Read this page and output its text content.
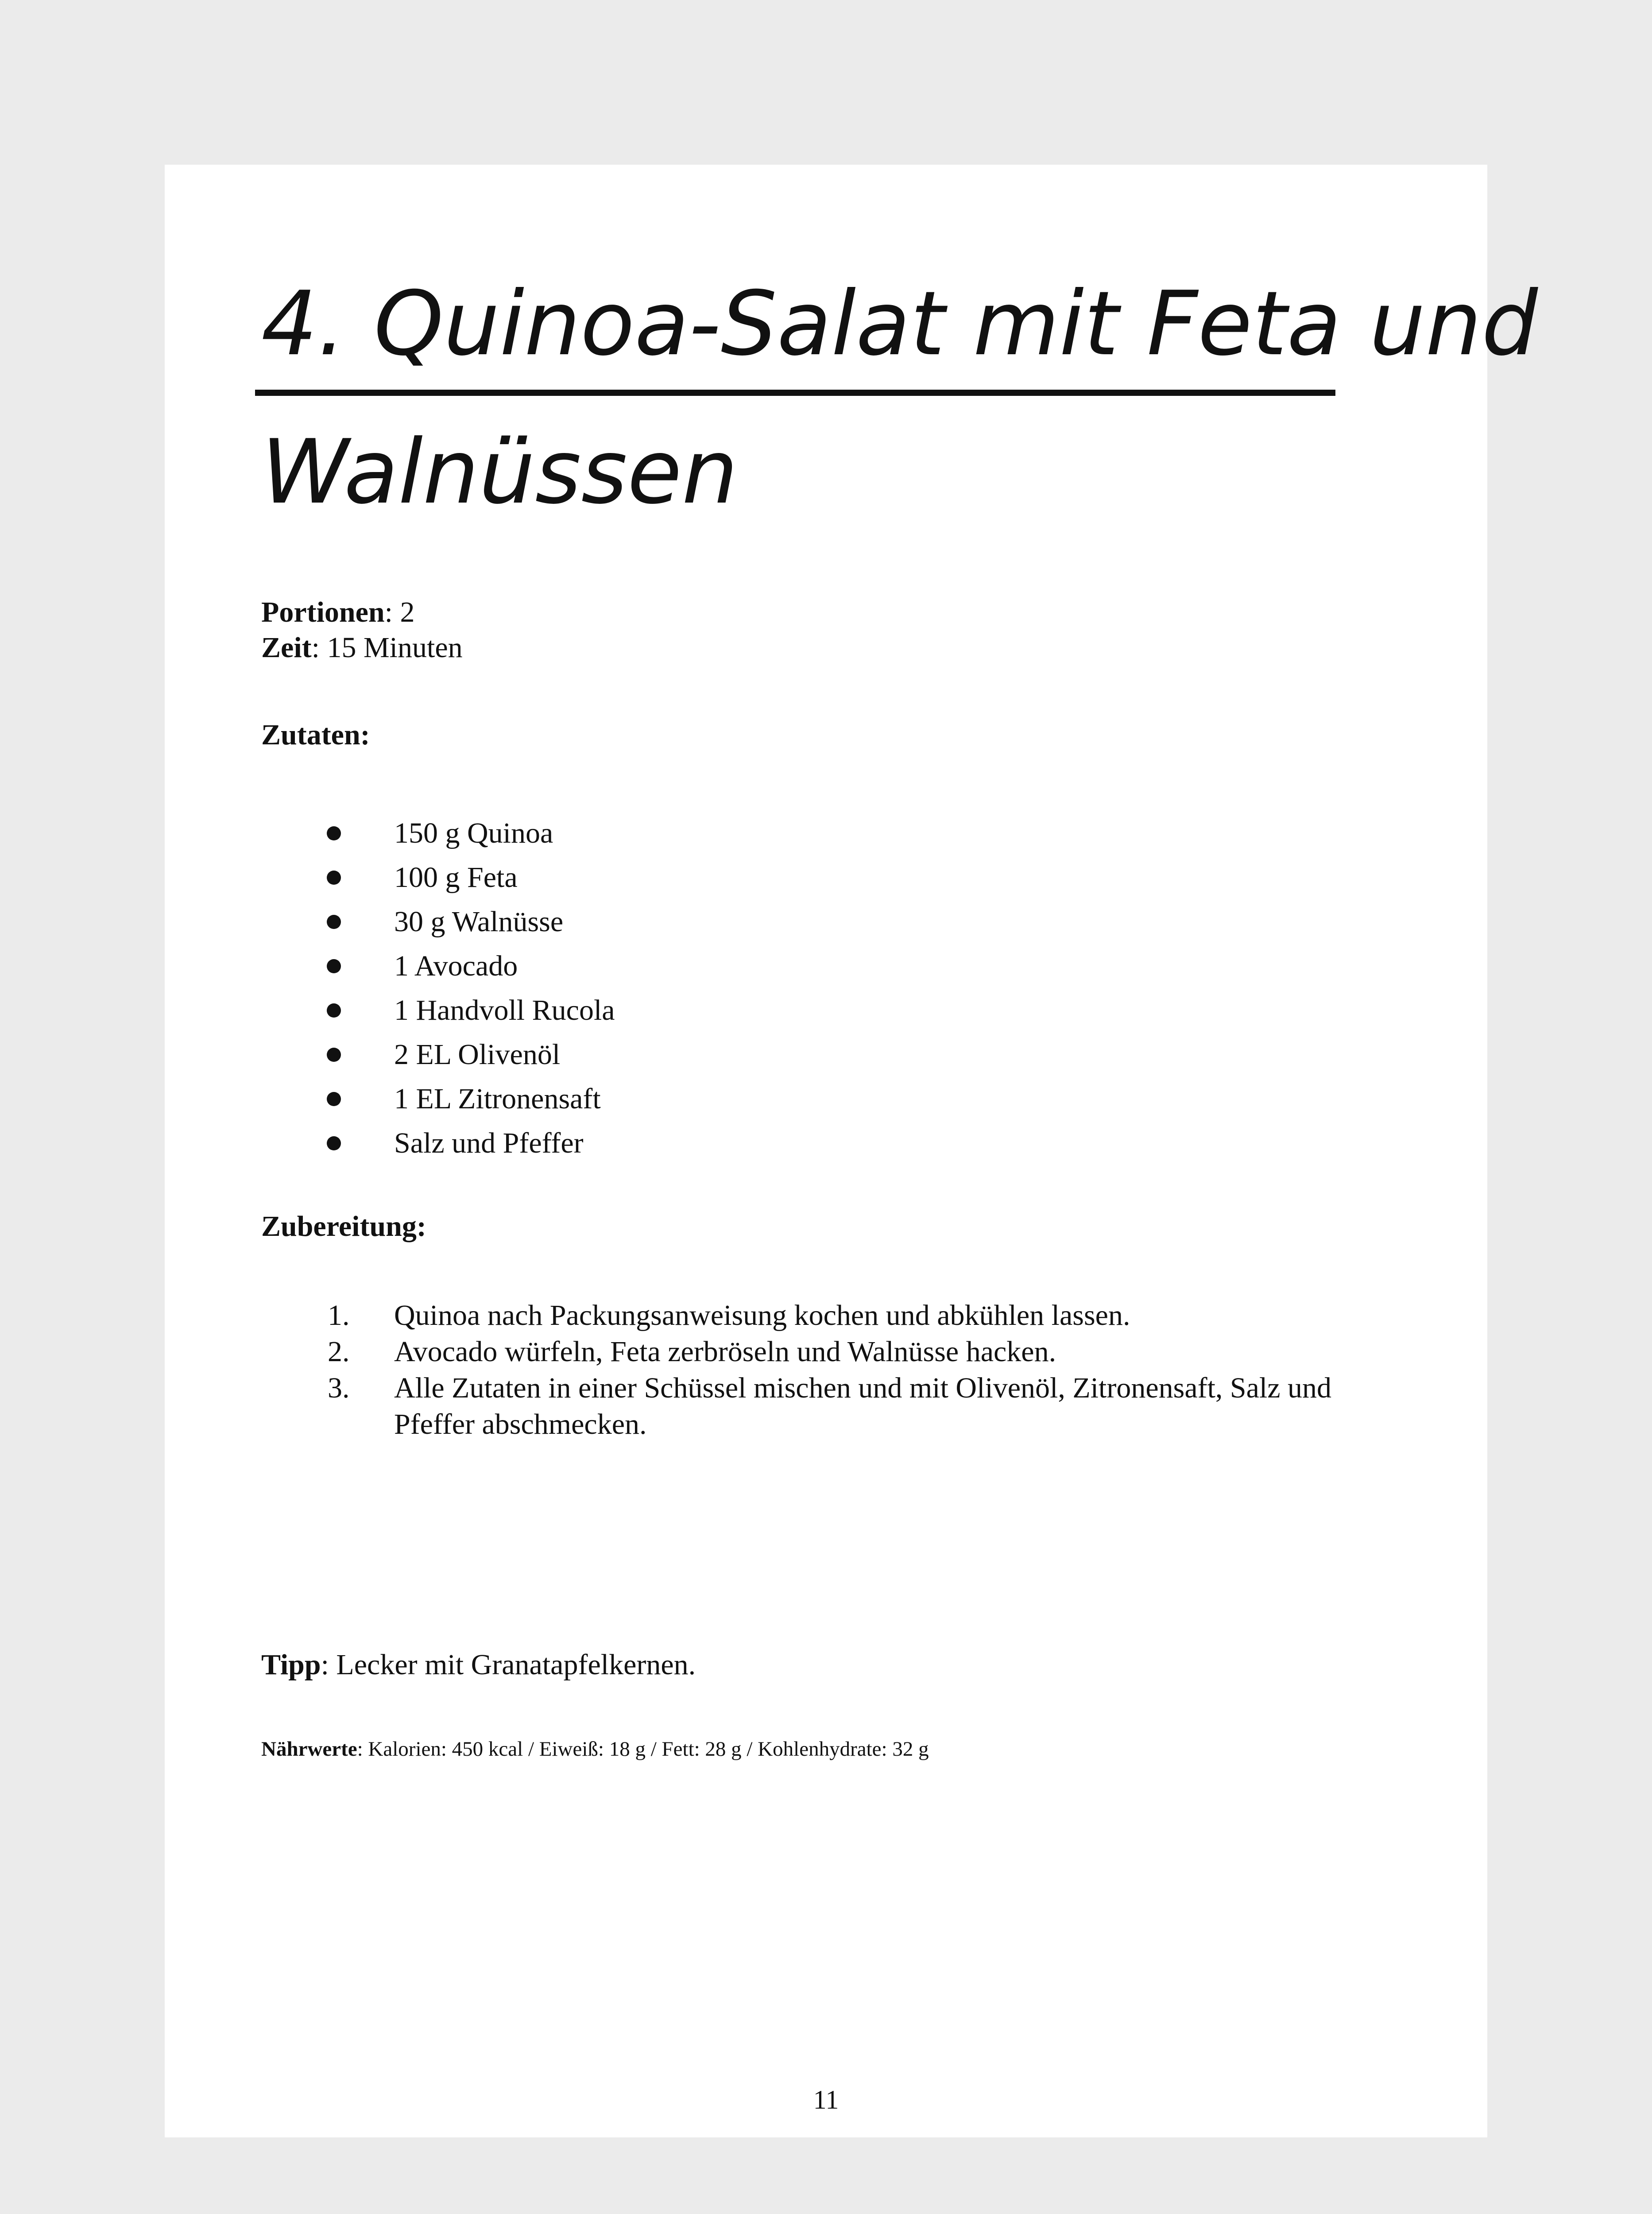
4. Quinoa-Salat mit Feta und
Walnüssen
Portionen: 2
Zeit: 15 Minuten
Zutaten:
150 g Quinoa
100 g Feta
30 g Walnüsse
1 Avocado
1 Handvoll Rucola
2 EL Olivenöl
1 EL Zitronensaft
Salz und Pfeffer
Zubereitung:
1. Quinoa nach Packungsanweisung kochen und abkühlen lassen.
2. Avocado würfeln, Feta zerbröseln und Walnüsse hacken.
3. Alle Zutaten in einer Schüssel mischen und mit Olivenöl, Zitronensaft, Salz und Pfeffer abschmecken.
Tipp: Lecker mit Granatapfelkernen.
Nährwerte: Kalorien: 450 kcal / Eiweiß: 18 g / Fett: 28 g / Kohlenhydrate: 32 g
11
